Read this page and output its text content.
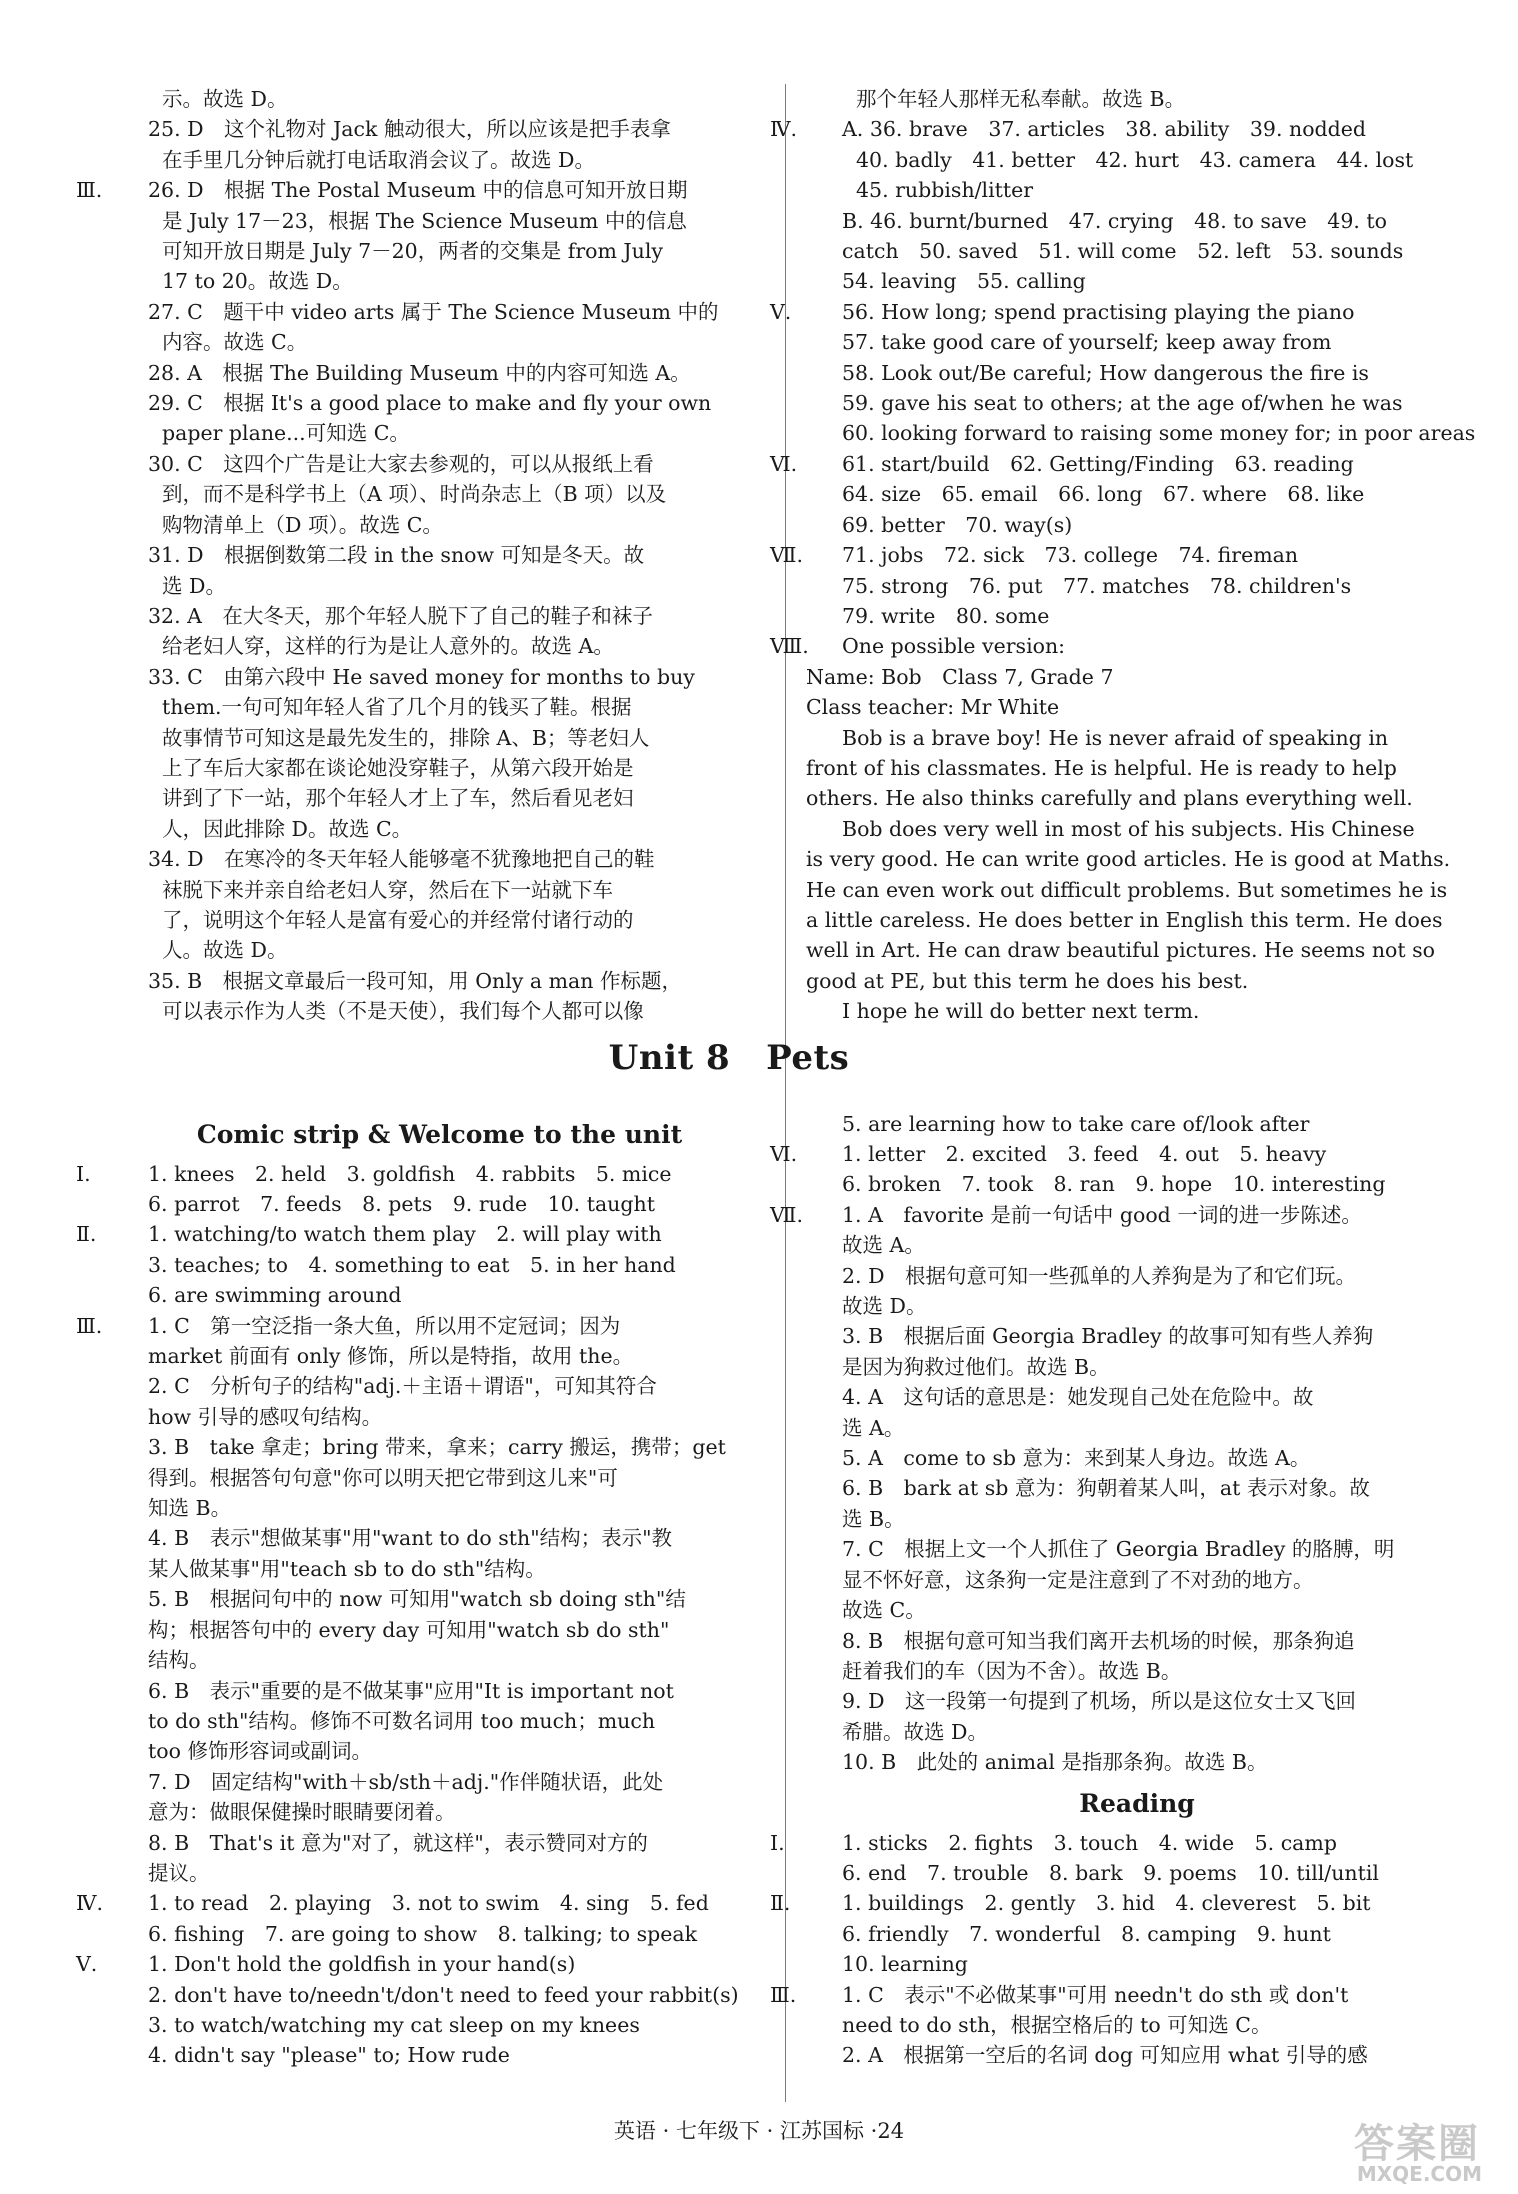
示。故选 D。
25. D　这个礼物对 Jack 触动很大，所以应该是把手表拿
在手里几分钟后就打电话取消会议了。故选 D。
Ⅲ. 26. D　根据 The Postal Museum 中的信息可知开放日期
是 July 17－23，根据 The Science Museum 中的信息
可知开放日期是 July 7－20，两者的交集是 from July
17 to 20。故选 D。
27. C　题干中 video arts 属于 The Science Museum 中的
内容。故选 C。
28. A　根据 The Building Museum 中的内容可知选 A。
29. C　根据 It's a good place to make and fly your own
paper plane...可知选 C。
30. C　这四个广告是让大家去参观的，可以从报纸上看
到，而不是科学书上（A 项）、时尚杂志上（B 项）以及
购物清单上（D 项）。故选 C。
31. D　根据倒数第二段 in the snow 可知是冬天。故
选 D。
32. A　在大冬天，那个年轻人脱下了自己的鞋子和袜子
给老妇人穿，这样的行为是让人意外的。故选 A。
33. C　由第六段中 He saved money for months to buy
them.一句可知年轻人省了几个月的钱买了鞋。根据
故事情节可知这是最先发生的，排除 A、B；等老妇人
上了车后大家都在谈论她没穿鞋子，从第六段开始是
讲到了下一站，那个年轻人才上了车，然后看见老妇
人，因此排除 D。故选 C。
34. D　在寒冷的冬天年轻人能够毫不犹豫地把自己的鞋
袜脱下来并亲自给老妇人穿，然后在下一站就下车
了，说明这个年轻人是富有爱心的并经常付诸行动的
人。故选 D。
35. B　根据文章最后一段可知，用 Only a man 作标题，
可以表示作为人类（不是天使），我们每个人都可以像
Comic strip & Welcome to the unit
Ⅰ.	1. knees　2. held　3. goldfish　4. rabbits　5. mice
6. parrot　7. feeds　8. pets　9. rude　10. taught
Ⅱ.	1. watching/to watch them play　2. will play with
3. teaches; to　4. something to eat　5. in her hand
6. are swimming around
Ⅲ. 1. C　第一空泛指一条大鱼，所以用不定冠词；因为
market 前面有 only 修饰，所以是特指，故用 the。
2. C　分析句子的结构"adj.＋主语＋谓语"，可知其符合
how 引导的感叹句结构。
3. B　take 拿走；bring 带来，拿来；carry 搬运，携带；get
得到。根据答句句意"你可以明天把它带到这儿来"可
知选 B。
4. B　表示"想做某事"用"want to do sth"结构；表示"教
某人做某事"用"teach sb to do sth"结构。
5. B　根据问句中的 now 可知用"watch sb doing sth"结
构；根据答句中的 every day 可知用"watch sb do sth"
结构。
6. B　表示"重要的是不做某事"应用"It is important not
to do sth"结构。修饰不可数名词用 too much；much
too 修饰形容词或副词。
7. D　固定结构"with＋sb/sth＋adj."作伴随状语，此处
意为：做眼保健操时眼睛要闭着。
8. B　That's it 意为"对了，就这样"，表示赞同对方的
提议。
Ⅳ. 1. to read　2. playing　3. not to swim　4. sing　5. fed
6. fishing　7. are going to show　8. talking; to speak
Ⅴ. 1. Don't hold the goldfish in your hand(s)
2. don't have to/needn't/don't need to feed your rabbit(s)
3. to watch/watching my cat sleep on my knees
4. didn't say "please" to; How rude
Unit 8 Pets
那个年轻人那样无私奉献。故选 B。
Ⅳ. A. 36. brave　37. articles　38. ability　39. nodded
40. badly　41. better　42. hurt　43. camera　44. lost
45. rubbish/litter
B. 46. burnt/burned　47. crying　48. to save　49. to
catch　50. saved　51. will come　52. left　53. sounds
54. leaving　55. calling
Ⅴ. 56. How long; spend practising playing the piano
57. take good care of yourself; keep away from
58. Look out/Be careful; How dangerous the fire is
59. gave his seat to others; at the age of/when he was
60. looking forward to raising some money for; in poor areas
Ⅵ. 61. start/build　62. Getting/Finding　63. reading
64. size　65. email　66. long　67. where　68. like
69. better　70. way(s)
Ⅶ. 71. jobs　72. sick　73. college　74. fireman
75. strong　76. put　77. matches　78. children's
79. write　80. some
Ⅷ. One possible version:
Name: Bob　Class 7, Grade 7
Class teacher: Mr White
Bob is a brave boy! He is never afraid of speaking in
front of his classmates. He is helpful. He is ready to help
others. He also thinks carefully and plans everything well.
Bob does very well in most of his subjects. His Chinese
is very good. He can write good articles. He is good at Maths.
He can even work out difficult problems. But sometimes he is
a little careless. He does better in English this term. He does
well in Art. He can draw beautiful pictures. He seems not so
good at PE, but this term he does his best.
I hope he will do better next term.
5. are learning how to take care of/look after
Ⅵ. 1. letter　2. excited　3. feed　4. out　5. heavy
6. broken　7. took　8. ran　9. hope　10. interesting
Ⅶ. 1. A　favorite 是前一句话中 good 一词的进一步陈述。
故选 A。
2. D　根据句意可知一些孤单的人养狗是为了和它们玩。
故选 D。
3. B　根据后面 Georgia Bradley 的故事可知有些人养狗
是因为狗救过他们。故选 B。
4. A　这句话的意思是：她发现自己处在危险中。故
选 A。
5. A　come to sb 意为：来到某人身边。故选 A。
6. B　bark at sb 意为：狗朝着某人叫，at 表示对象。故
选 B。
7. C　根据上文一个人抓住了 Georgia Bradley 的胳膊，明
显不怀好意，这条狗一定是注意到了不对劲的地方。
故选 C。
8. B　根据句意可知当我们离开去机场的时候，那条狗追
赶着我们的车（因为不舍）。故选 B。
9. D　这一段第一句提到了机场，所以是这位女士又飞回
希腊。故选 D。
10. B　此处的 animal 是指那条狗。故选 B。
Reading
Ⅰ.	1. sticks　2. fights　3. touch　4. wide　5. camp
6. end　7. trouble　8. bark　9. poems　10. till/until
Ⅱ.	1. buildings　2. gently　3. hid　4. cleverest　5. bit
6. friendly　7. wonderful　8. camping　9. hunt
10. learning
Ⅲ. 1. C　表示"不必做某事"可用 needn't do sth 或 don't
need to do sth，根据空格后的 to 可知选 C。
2. A　根据第一空后的名词 dog 可知应用 what 引导的感
英语 · 七年级下 · 江苏国标 ·24	答案圈
MXQE.COM
